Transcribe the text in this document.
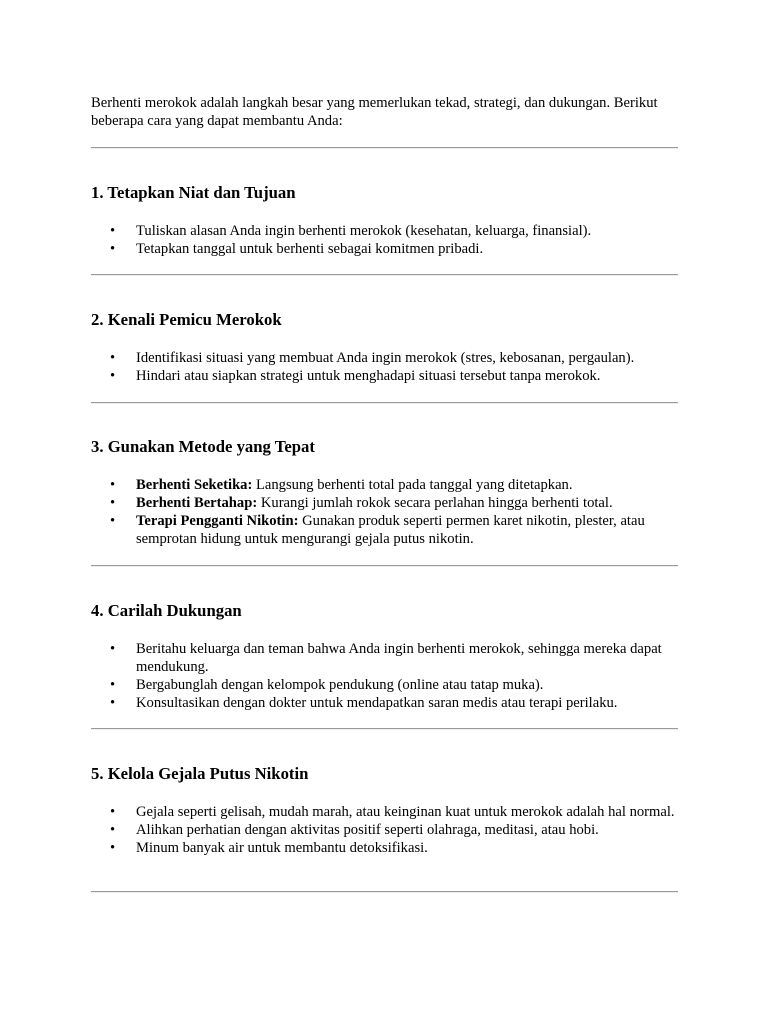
Berhenti merokok adalah langkah besar yang memerlukan tekad, strategi, dan dukungan. Berikut beberapa cara yang dapat membantu Anda:

1. Tetapkan Niat dan Tujuan
•	Tuliskan alasan Anda ingin berhenti merokok (kesehatan, keluarga, finansial).
•	Tetapkan tanggal untuk berhenti sebagai komitmen pribadi.
2. Kenali Pemicu Merokok
•	Identifikasi situasi yang membuat Anda ingin merokok (stres, kebosanan, pergaulan).
•	Hindari atau siapkan strategi untuk menghadapi situasi tersebut tanpa merokok.
3. Gunakan Metode yang Tepat
•	Berhenti Seketika: Langsung berhenti total pada tanggal yang ditetapkan.
•	Berhenti Bertahap: Kurangi jumlah rokok secara perlahan hingga berhenti total.
•	Terapi Pengganti Nikotin: Gunakan produk seperti permen karet nikotin, plester, atau semprotan hidung untuk mengurangi gejala putus nikotin.
4. Carilah Dukungan
•	Beritahu keluarga dan teman bahwa Anda ingin berhenti merokok, sehingga mereka dapat mendukung.
•	Bergabunglah dengan kelompok pendukung (online atau tatap muka).
•	Konsultasikan dengan dokter untuk mendapatkan saran medis atau terapi perilaku.
5. Kelola Gejala Putus Nikotin
•	Gejala seperti gelisah, mudah marah, atau keinginan kuat untuk merokok adalah hal normal.
•	Alihkan perhatian dengan aktivitas positif seperti olahraga, meditasi, atau hobi.
•	Minum banyak air untuk membantu detoksifikasi.
